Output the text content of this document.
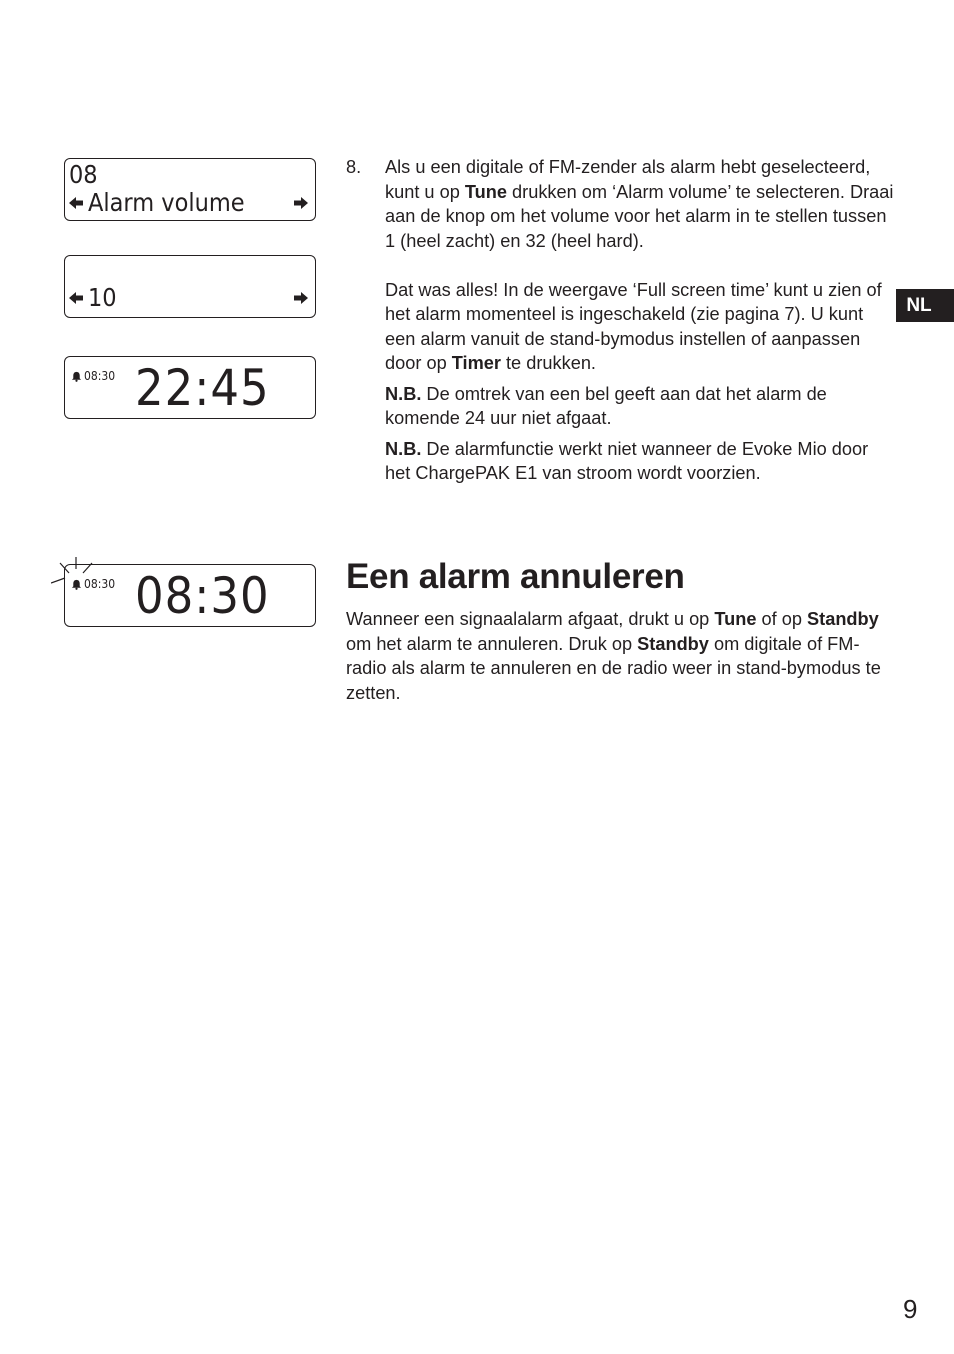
08
Alarm volume
10
08:30 22:45
08:30 08:30
8. Als u een digitale of FM-zender als alarm hebt geselecteerd, kunt u op Tune drukken om ‘Alarm volume’ te selecteren. Draai aan de knop om het volume voor het alarm in te stellen tussen 1 (heel zacht) en 32 (heel hard).

Dat was alles! In de weergave ‘Full screen time’ kunt u zien of het alarm momenteel is ingeschakeld (zie pagina 7). U kunt een alarm vanuit de stand-bymodus instellen of aanpassen door op Timer te drukken.

N.B. De omtrek van een bel geeft aan dat het alarm de komende 24 uur niet afgaat.

N.B. De alarmfunctie werkt niet wanneer de Evoke Mio door het ChargePAK E1 van stroom wordt voorzien.

NL
Een alarm annuleren

Wanneer een signaalalarm afgaat, drukt u op Tune of op Standby om het alarm te annuleren. Druk op Standby om digitale of FM-radio als alarm te annuleren en de radio weer in stand-bymodus te zetten.

9
